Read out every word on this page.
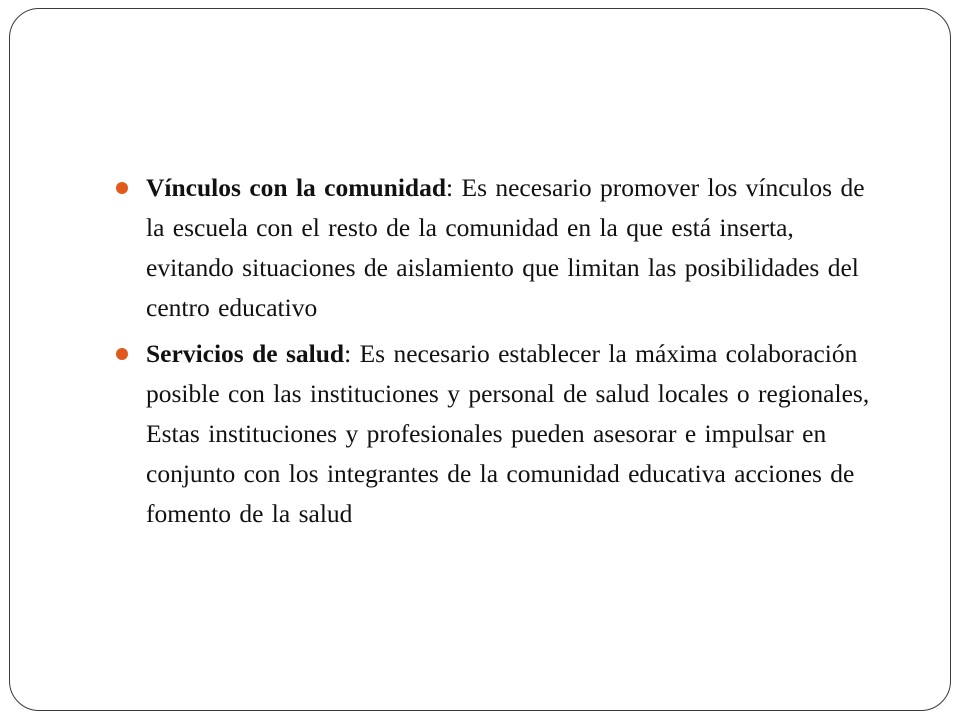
Vínculos con la comunidad: Es necesario promover los vínculos de la escuela con el resto de la comunidad en la que está inserta, evitando situaciones de aislamiento que limitan las posibilidades del centro educativo
Servicios de salud: Es necesario establecer la máxima colaboración posible con las instituciones y personal de salud locales o regionales, Estas instituciones y profesionales pueden asesorar e impulsar en conjunto con los integrantes de la comunidad educativa acciones de fomento de la salud
